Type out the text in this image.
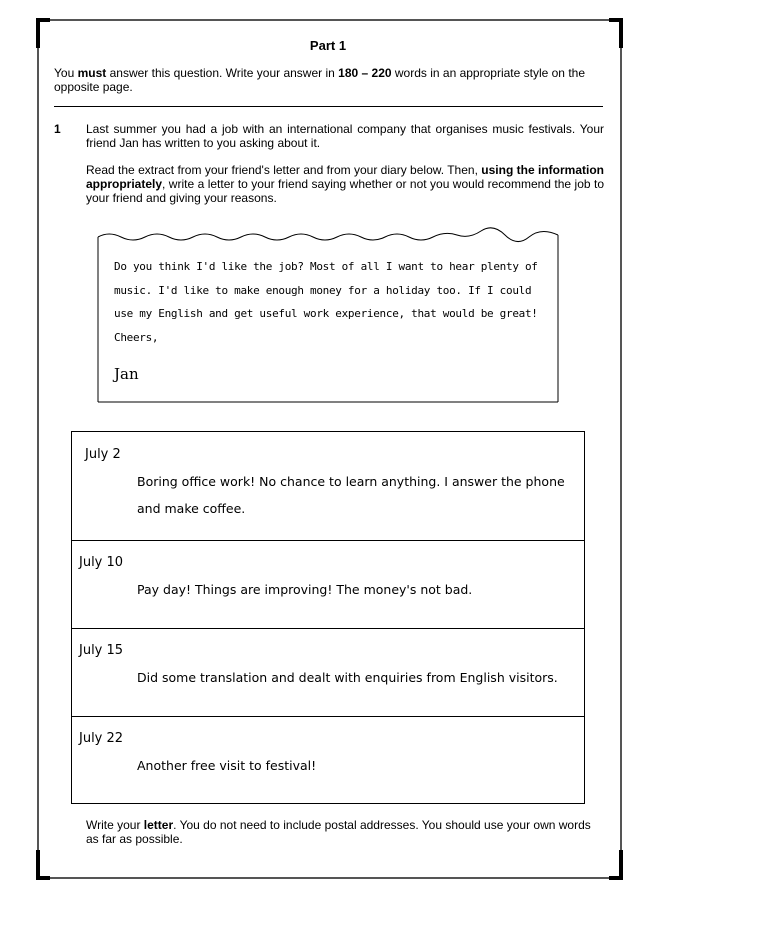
Part 1
You must answer this question. Write your answer in 180 – 220 words in an appropriate style on the opposite page.
1 Last summer you had a job with an international company that organises music festivals. Your friend Jan has written to you asking about it.
Read the extract from your friend's letter and from your diary below. Then, using the information appropriately, write a letter to your friend saying whether or not you would recommend the job to your friend and giving your reasons.
Do you think I'd like the job? Most of all I want to hear plenty of music. I'd like to make enough money for a holiday too. If I could use my English and get useful work experience, that would be great!
Cheers,
Jan
July 2
Boring office work! No chance to learn anything. I answer the phone and make coffee.
July 10
Pay day! Things are improving! The money's not bad.
July 15
Did some translation and dealt with enquiries from English visitors.
July 22
Another free visit to festival!
Write your letter. You do not need to include postal addresses. You should use your own words as far as possible.
